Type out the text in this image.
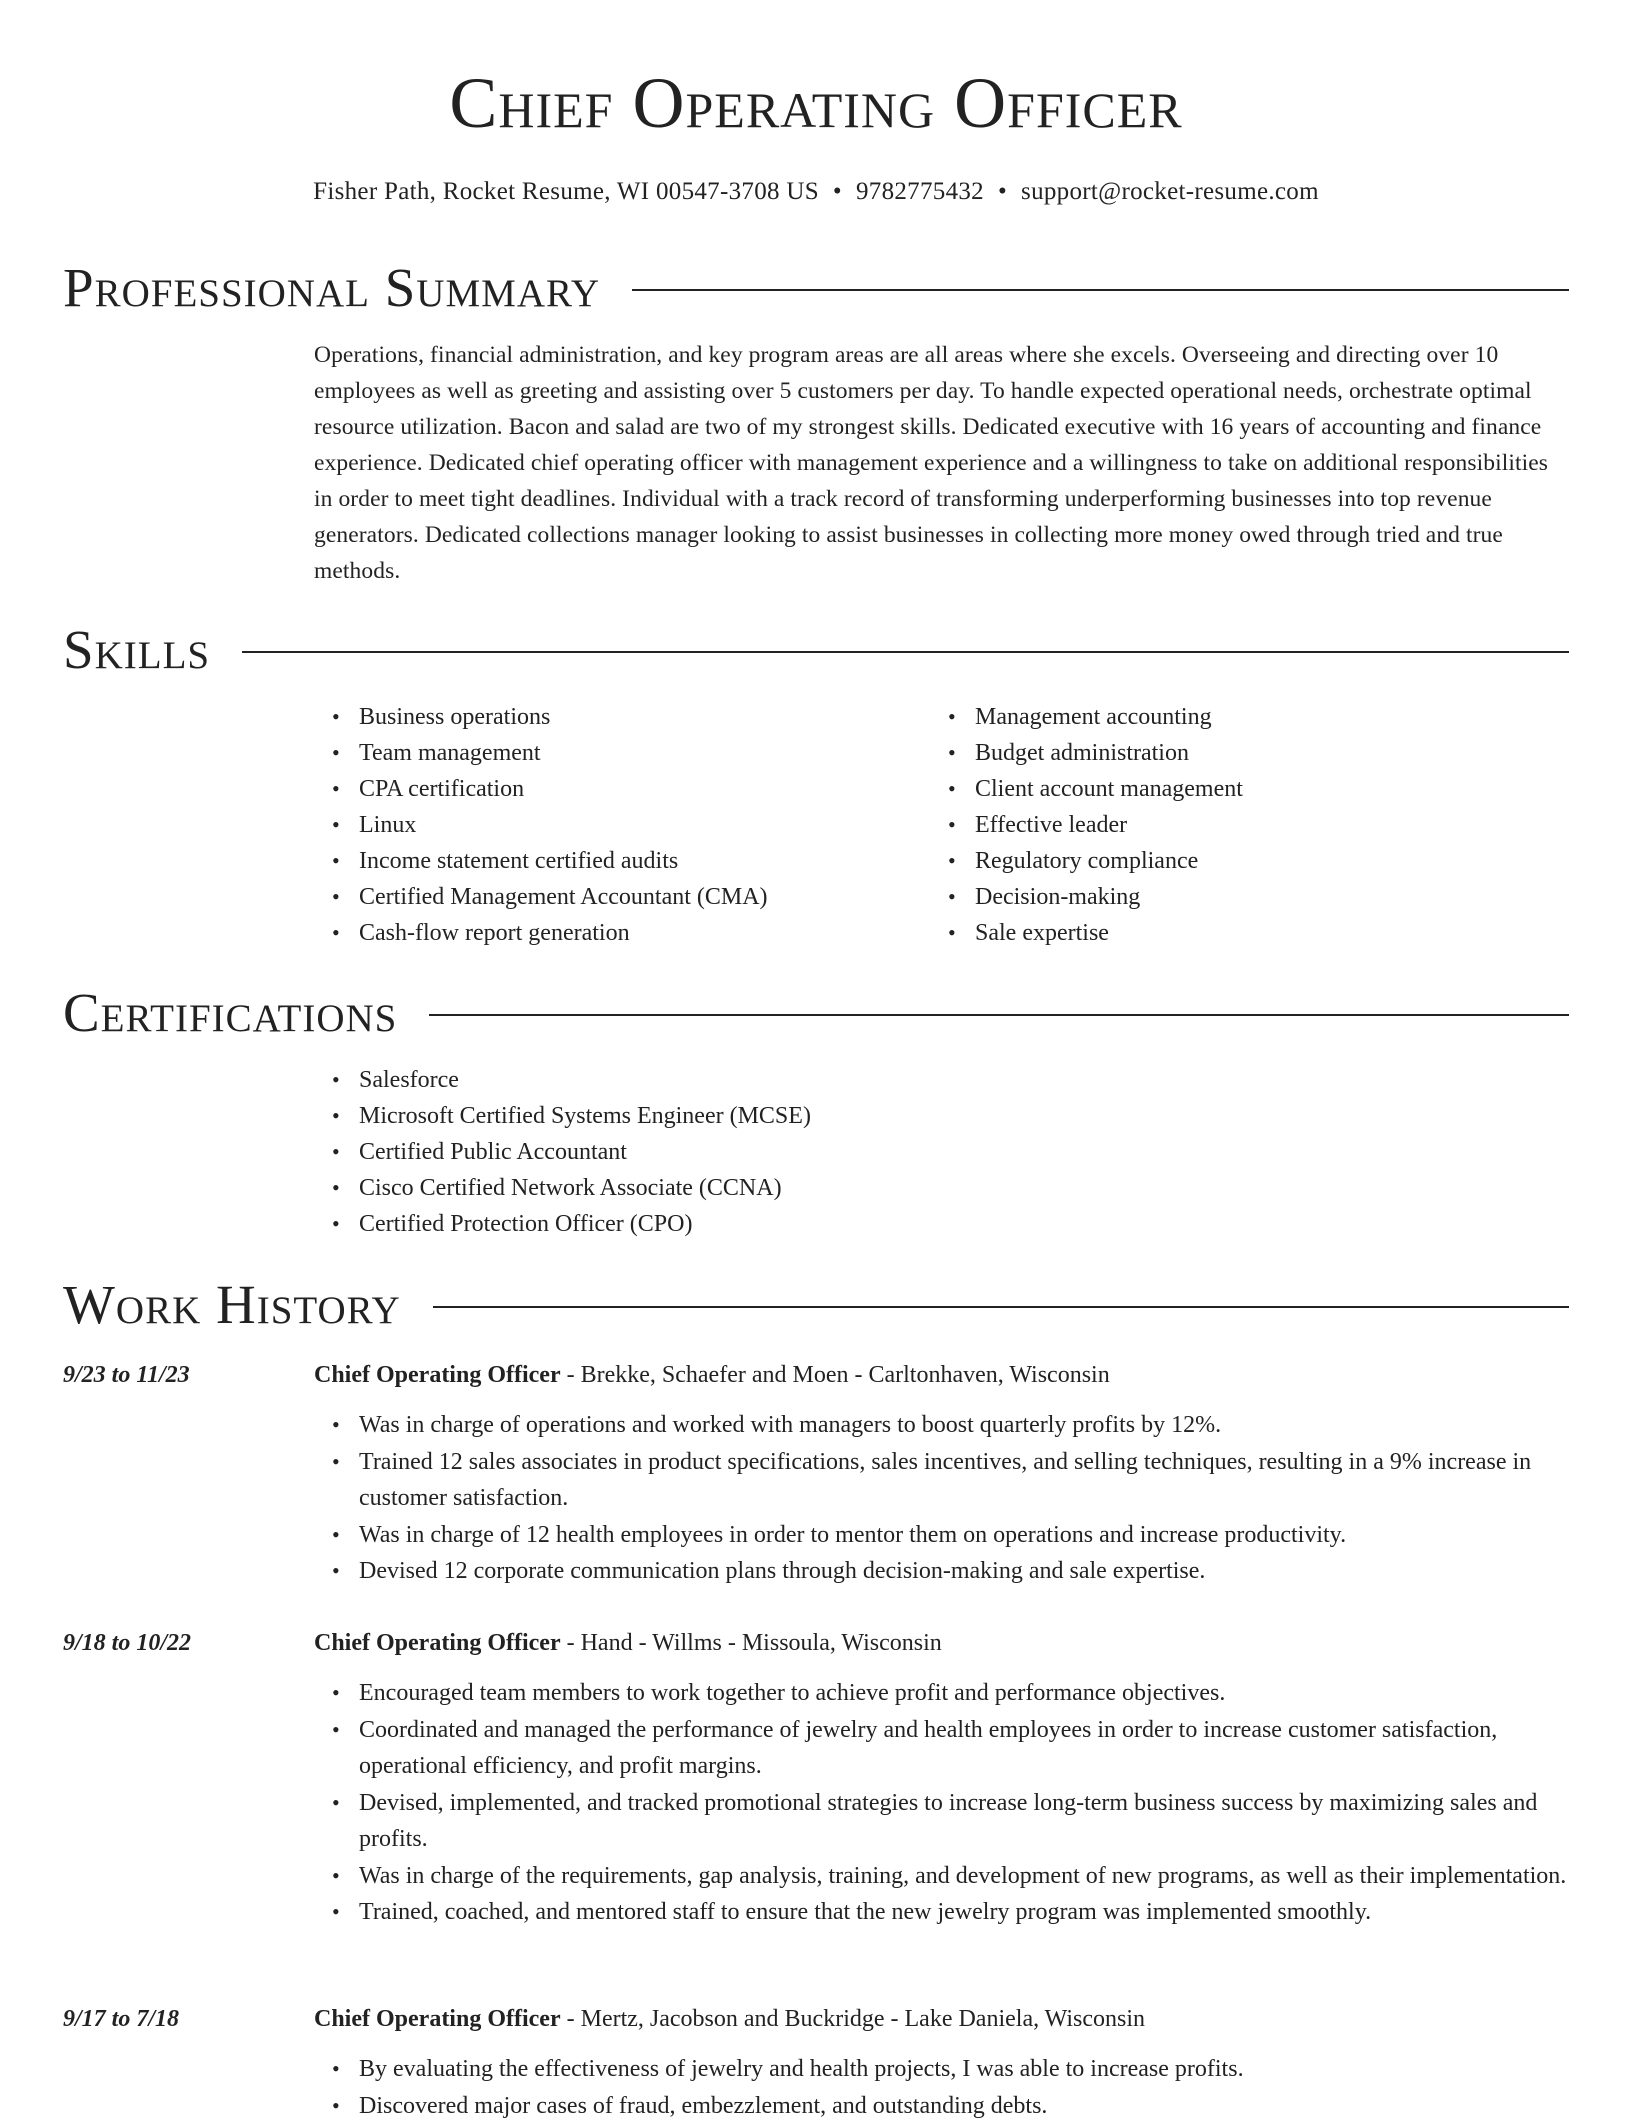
Chief Operating Officer
Fisher Path, Rocket Resume, WI 00547-3708 US • 9782775432 • support@rocket-resume.com
Professional Summary

Operations, financial administration, and key program areas are all areas where she excels. Overseeing and directing over 10 employees as well as greeting and assisting over 5 customers per day. To handle expected operational needs, orchestrate optimal resource utilization. Bacon and salad are two of my strongest skills. Dedicated executive with 16 years of accounting and finance experience. Dedicated chief operating officer with management experience and a willingness to take on additional responsibilities in order to meet tight deadlines. Individual with a track record of transforming underperforming businesses into top revenue generators. Dedicated collections manager looking to assist businesses in collecting more money owed through tried and true methods.

Skills
• Business operations
• Team management
• CPA certification
• Linux
• Income statement certified audits
• Certified Management Accountant (CMA)
• Cash-flow report generation
• Management accounting
• Budget administration
• Client account management
• Effective leader
• Regulatory compliance
• Decision-making
• Sale expertise
Certifications
• Salesforce
• Microsoft Certified Systems Engineer (MCSE)
• Certified Public Accountant
• Cisco Certified Network Associate (CCNA)
• Certified Protection Officer (CPO)
Work History
9/23 to 11/23	Chief Operating Officer - Brekke, Schaefer and Moen - Carltonhaven, Wisconsin
• Was in charge of operations and worked with managers to boost quarterly profits by 12%.
• Trained 12 sales associates in product specifications, sales incentives, and selling techniques, resulting in a 9% increase in customer satisfaction.
• Was in charge of 12 health employees in order to mentor them on operations and increase productivity.
• Devised 12 corporate communication plans through decision-making and sale expertise.
9/18 to 10/22	Chief Operating Officer - Hand - Willms - Missoula, Wisconsin
• Encouraged team members to work together to achieve profit and performance objectives.
• Coordinated and managed the performance of jewelry and health employees in order to increase customer satisfaction, operational efficiency, and profit margins.
• Devised, implemented, and tracked promotional strategies to increase long-term business success by maximizing sales and profits.
• Was in charge of the requirements, gap analysis, training, and development of new programs, as well as their implementation.
• Trained, coached, and mentored staff to ensure that the new jewelry program was implemented smoothly.
9/17 to 7/18	Chief Operating Officer - Mertz, Jacobson and Buckridge - Lake Daniela, Wisconsin
• By evaluating the effectiveness of jewelry and health projects, I was able to increase profits.
• Discovered major cases of fraud, embezzlement, and outstanding debts.
